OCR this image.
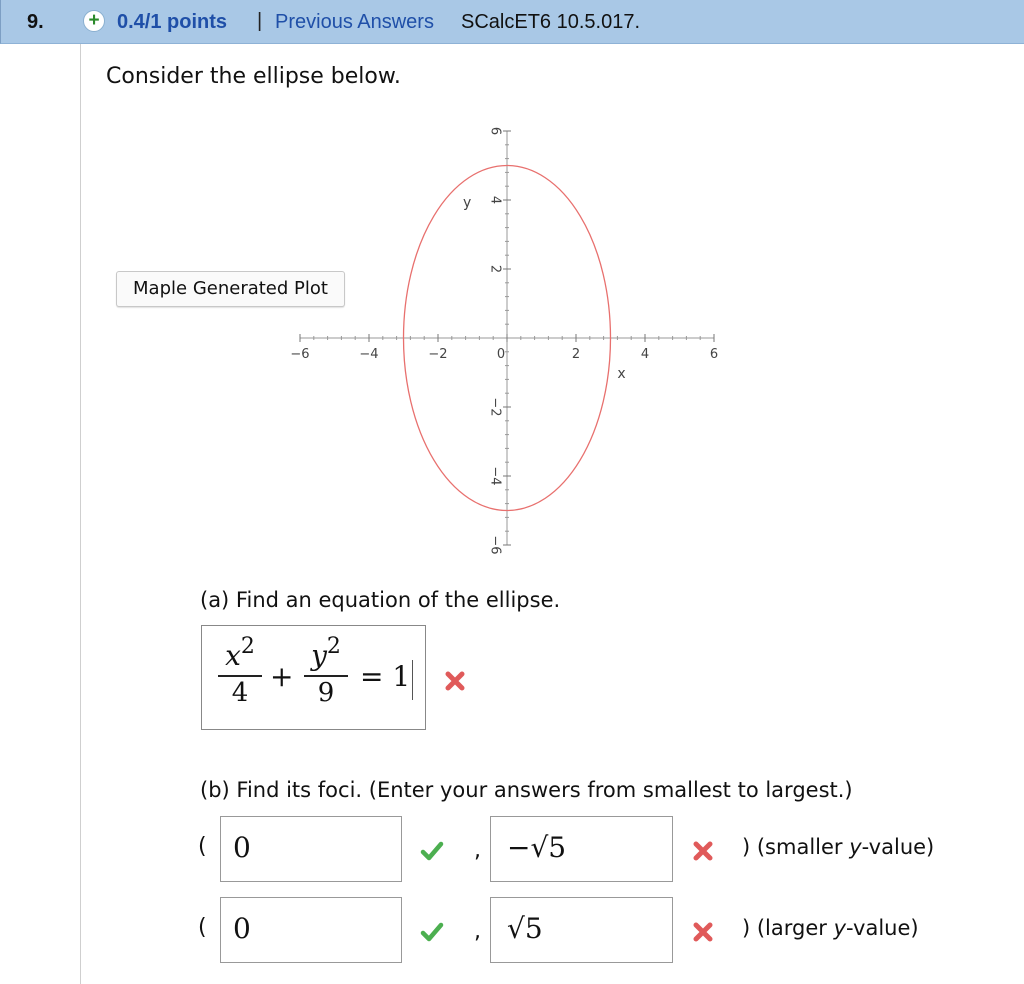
9. + 0.4/1 points | Previous Answers SCalcET6 10.5.017.
Consider the ellipse below.
Maple Generated Plot
−6	−4	−2	0	2	4	6
6
4
2
−2
−4
−6
x
y
(a) Find an equation of the ellipse.
$x^2$
4 +
$y^2$
9 = 1
(b) Find its foci. (Enter your answers from smallest to largest.)
( 0	, −√5	) (smaller y-value)
( 0	, √5	) (larger y-value)
